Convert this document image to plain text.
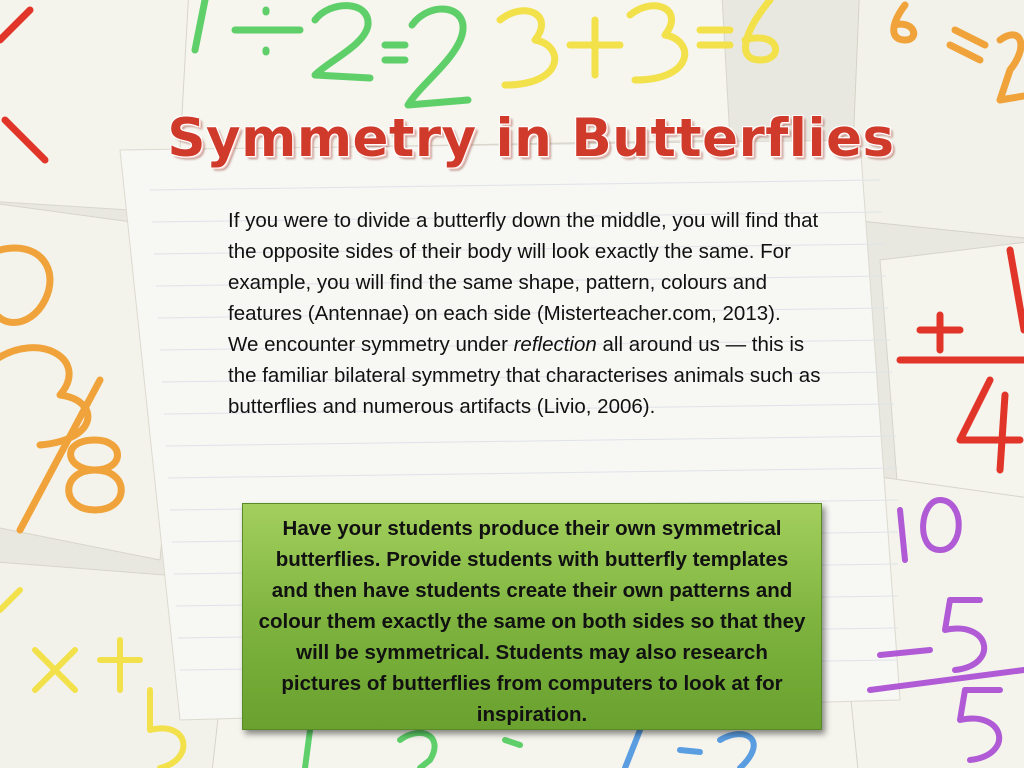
Symmetry in Butterflies

If you were to divide a butterfly down the middle, you will find that the opposite sides of their body will look exactly the same. For example, you will find the same shape, pattern, colours and features (Antennae) on each side (Misterteacher.com, 2013).

We encounter symmetry under reflection all around us — this is the familiar bilateral symmetry that characterises animals such as butterflies and numerous artifacts (Livio, 2006).

Have your students produce their own symmetrical butterflies. Provide students with butterfly templates and then have students create their own patterns and colour them exactly the same on both sides so that they will be symmetrical. Students may also research pictures of butterflies from computers to look at for inspiration.
